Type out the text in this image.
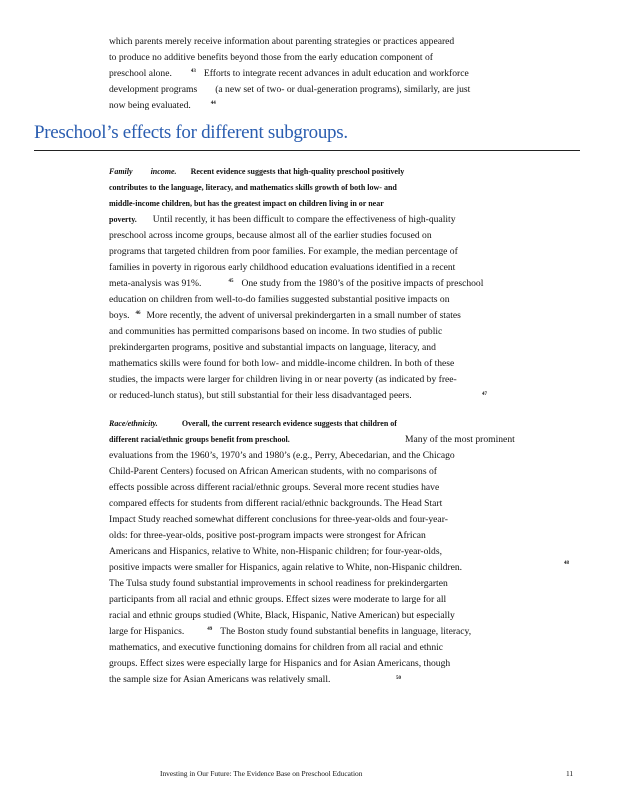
which parents merely receive information about parenting strategies or practices appeared
to produce no additive benefits beyond those from the early education component of
preschool alone.	$^{43}$ Efforts to integrate recent advances in adult education and workforce
development programs (a new set of two- or dual-generation programs), similarly, are just
now being evaluated.	$^{44}$
Preschool’s effects for different subgroups.
Family income. Recent evidence suggests that high-quality preschool positively
contributes to the language, literacy, and mathematics skills growth of both low- and
middle-income children, but has the greatest impact on children living in or near
poverty. Until recently, it has been difficult to compare the effectiveness of high-quality
preschool across income groups, because almost all of the earlier studies focused on
programs that targeted children from poor families. For example, the median percentage of
families in poverty in rigorous early childhood education evaluations identified in a recent
meta-analysis was 91%.	$^{45}$ One study from the 1980’s of the positive impacts of preschool
education on children from well-to-do families suggested substantial positive impacts on
boys. $^{46}$ More recently, the advent of universal prekindergarten in a small number of states
and communities has permitted comparisons based on income. In two studies of public
prekindergarten programs, positive and substantial impacts on language, literacy, and
mathematics skills were found for both low- and middle-income children. In both of these
studies, the impacts were larger for children living in or near poverty (as indicated by free-
or reduced-lunch status), but still substantial for their less disadvantaged peers.	47
Race/ethnicity.	Overall, the current research evidence suggests that children of
different racial/ethnic groups benefit from preschool.	Many of the most prominent
evaluations from the 1960’s, 1970’s and 1980’s (e.g., Perry, Abecedarian, and the Chicago
Child-Parent Centers) focused on African American students, with no comparisons of
effects possible across different racial/ethnic groups. Several more recent studies have
compared effects for students from different racial/ethnic backgrounds. The Head Start
Impact Study reached somewhat different conclusions for three-year-olds and four-year-
olds: for three-year-olds, positive post-program impacts were strongest for African
Americans and Hispanics, relative to White, non-Hispanic children; for four-year-olds,
positive impacts were smaller for Hispanics, again relative to White, non-Hispanic children.	48
The Tulsa study found substantial improvements in school readiness for prekindergarten
participants from all racial and ethnic groups. Effect sizes were moderate to large for all
racial and ethnic groups studied (White, Black, Hispanic, Native American) but especially
large for Hispanics.	$^{49}$ The Boston study found substantial benefits in language, literacy,
mathematics, and executive functioning domains for children from all racial and ethnic
groups. Effect sizes were especially large for Hispanics and for Asian Americans, though
the sample size for Asian Americans was relatively small.	50
Investing in Our Future: The Evidence Base on Preschool Education	11
